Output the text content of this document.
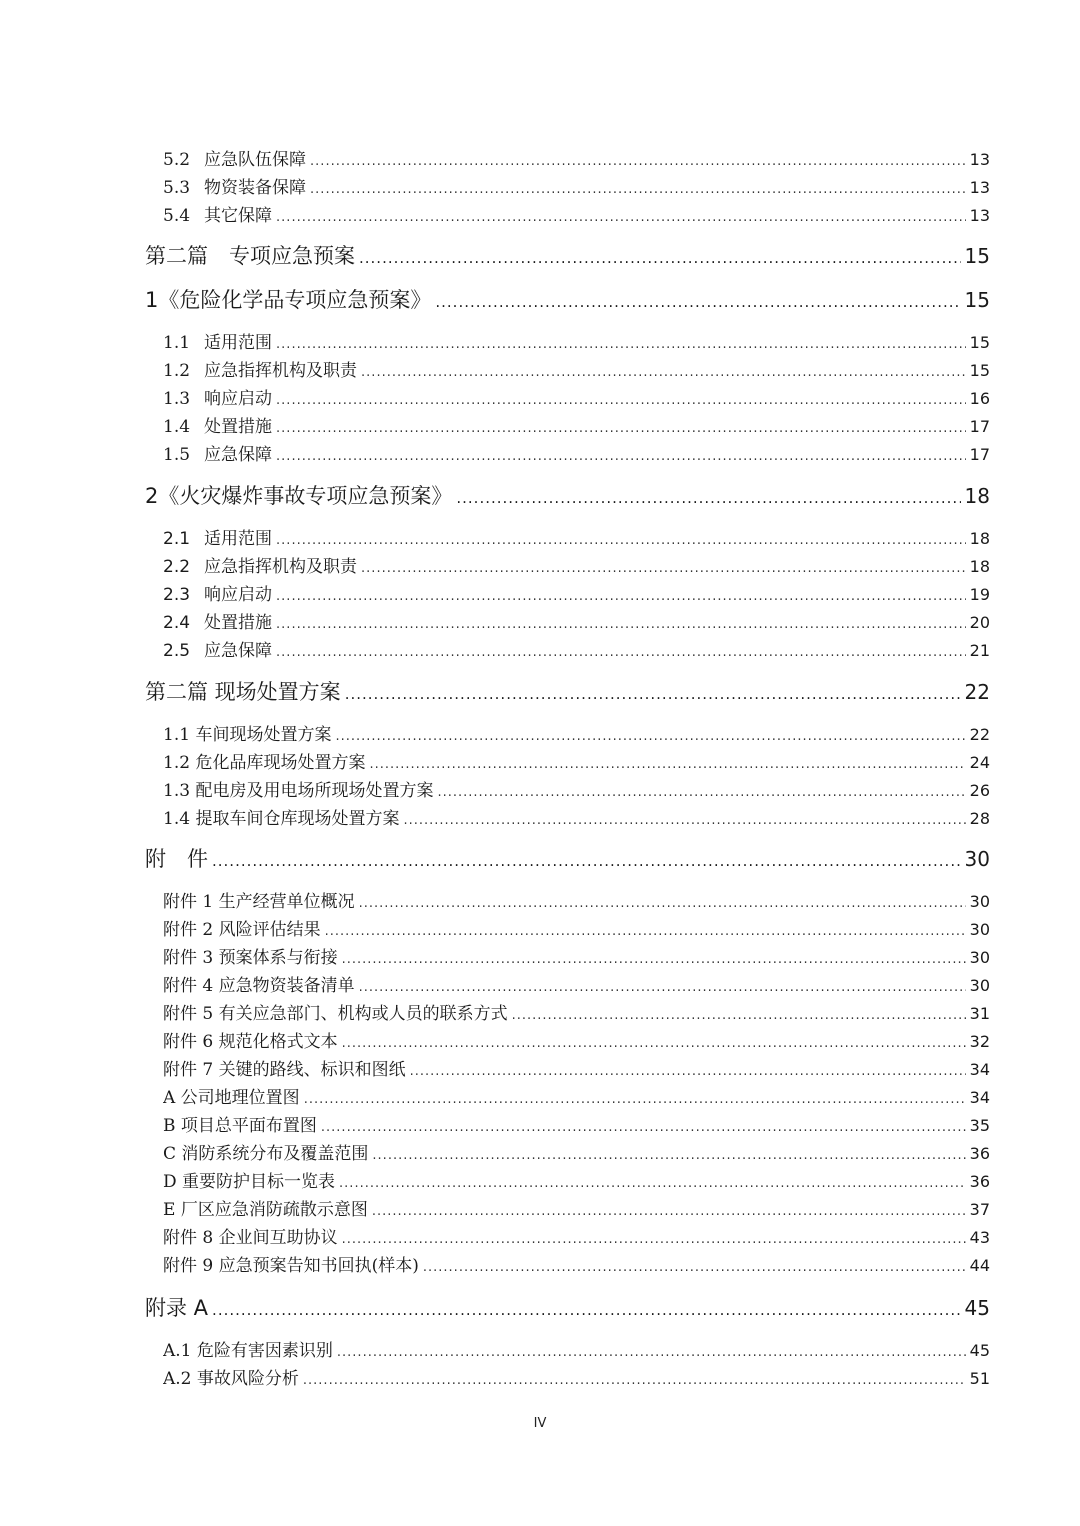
5.2 应急队伍保障 .....	13
5.3 物资装备保障 .....	13
5.4 其它保障 .....	13
第二篇　专项应急预案 .....	15
1《危险化学品专项应急预案》 .....	15
1.1 适用范围 .....	15
1.2 应急指挥机构及职责 .....	15
1.3 响应启动 .....	16
1.4 处置措施 .....	17
1.5 应急保障 .....	17
2《火灾爆炸事故专项应急预案》 .....	18
2.1 适用范围 .....	18
2.2 应急指挥机构及职责 .....	18
2.3 响应启动 .....	19
2.4 处置措施 .....	20
2.5 应急保障 .....	21
第二篇 现场处置方案 .....	22
1.1 车间现场处置方案 .....	22
1.2 危化品库现场处置方案 .....	24
1.3 配电房及用电场所现场处置方案 .....	26
1.4 提取车间仓库现场处置方案 .....	28
附　件 .....	30
附件 1 生产经营单位概况 .....	30
附件 2 风险评估结果 .....	30
附件 3 预案体系与衔接 .....	30
附件 4 应急物资装备清单 .....	30
附件 5 有关应急部门、机构或人员的联系方式 .....	31
附件 6 规范化格式文本 .....	32
附件 7 关键的路线、标识和图纸 .....	34
A 公司地理位置图 .....	34
B 项目总平面布置图 .....	35
C 消防系统分布及覆盖范围 .....	36
D 重要防护目标一览表 .....	36
E 厂区应急消防疏散示意图 .....	37
附件 8 企业间互助协议 .....	43
附件 9 应急预案告知书回执(样本) .....	44
附录 A .....	45
A.1 危险有害因素识别 .....	45
A.2 事故风险分析 .....	51
IV
